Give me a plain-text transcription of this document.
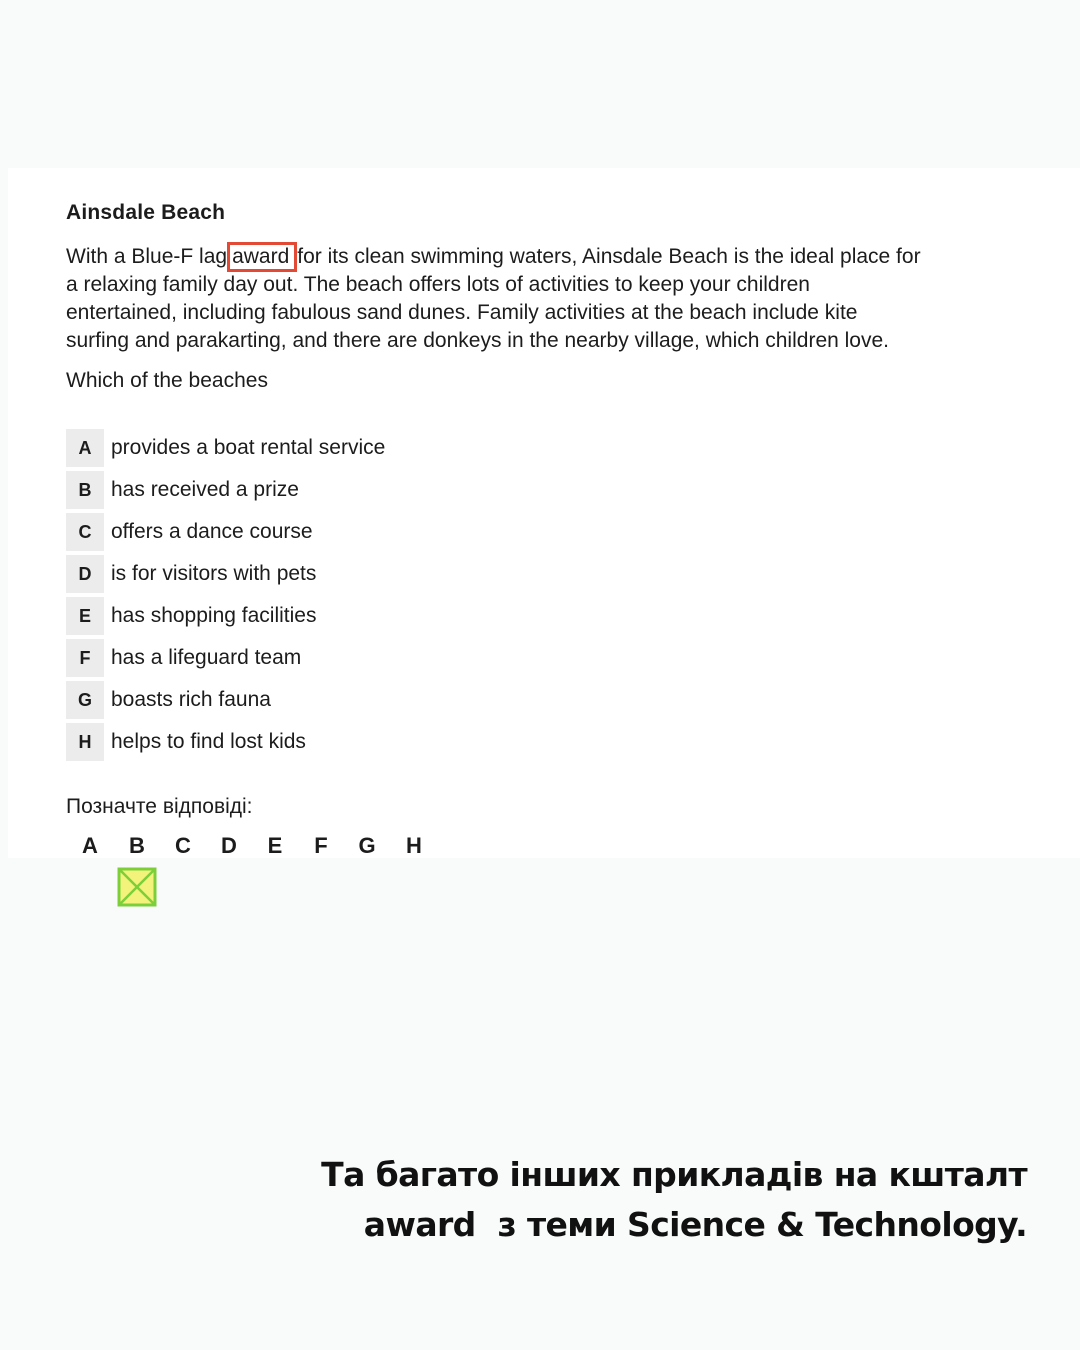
Ainsdale Beach

With a Blue-F lag award for its clean swimming waters, Ainsdale Beach is the ideal place for

a relaxing family day out. The beach offers lots of activities to keep your children

entertained, including fabulous sand dunes. Family activities at the beach include kite

surfing and parakarting, and there are donkeys in the nearby village, which children love.

Which of the beaches
A provides a boat rental service
B has received a prize
C offers a dance course
D is for visitors with pets
E has shopping facilities
F has a lifeguard team
G boasts rich fauna
H helps to find lost kids
Позначте відповіді:
A	B	C	D	E	F	G	H
Та багато інших прикладів на кшталт
award  з теми Science & Technology.
